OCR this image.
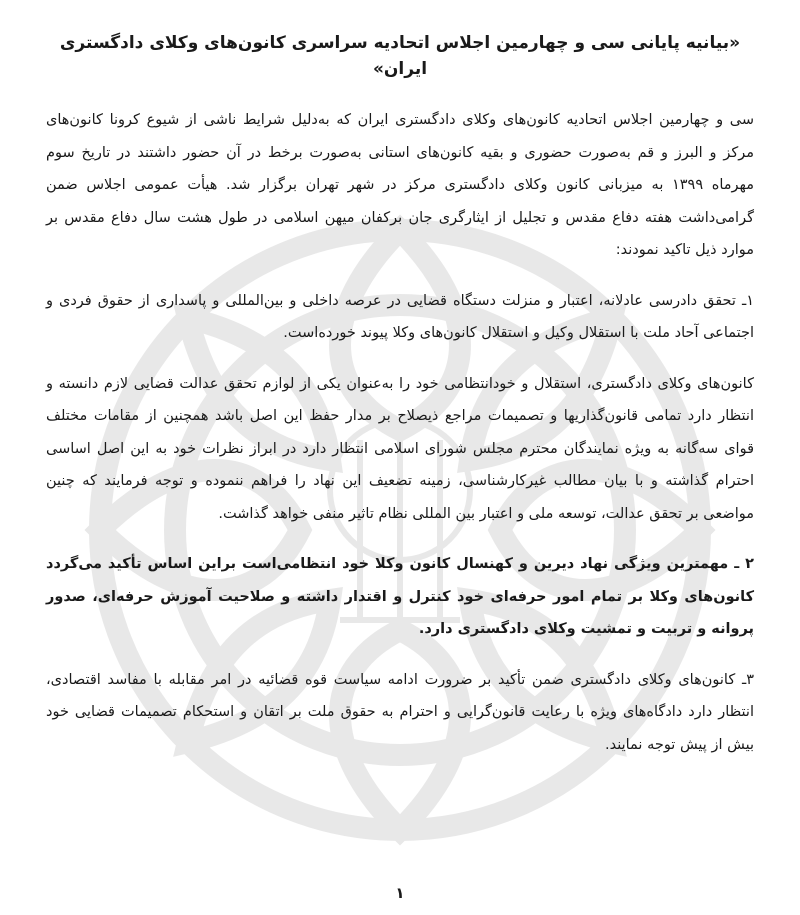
«بیانیه پایانی سی و چهارمین اجلاس اتحادیه سراسری کانون‌های وکلای دادگستری ایران»

سی و چهارمین اجلاس اتحادیه کانون‌های وکلای دادگستری ایران که به‌دلیل شرایط ناشی از شیوع کرونا کانون‌های مرکز و البرز و قم به‌صورت حضوری و بقیه کانون‌های استانی به‌صورت برخط در آن حضور داشتند در تاریخ سوم مهرماه ۱۳۹۹ به میزبانی کانون وکلای دادگستری مرکز در شهر تهران برگزار شد. هیأت عمومی اجلاس ضمن گرامی‌داشت هفته دفاع مقدس و تجلیل از ایثارگری جان برکفان میهن اسلامی در طول هشت سال دفاع مقدس بر موارد ذیل تاکید نمودند:

۱ـ تحقق دادرسی عادلانه، اعتبار و منزلت دستگاه قضایی در عرصه داخلی و بین‌المللی و پاسداری از حقوق فردی و اجتماعی آحاد ملت با استقلال وکیل و استقلال کانون‌های وکلا پیوند خورده‌است.

کانون‌های وکلای دادگستری، استقلال و خودانتظامی خود را به‌عنوان یکی از لوازم تحقق عدالت قضایی لازم دانسته و انتظار دارد تمامی قانون‌گذاریها و تصمیمات مراجع ذیصلاح بر مدار حفظ این اصل باشد همچنین از مقامات مختلف قوای سه‌گانه به ویژه نمایندگان محترم مجلس شورای اسلامی انتظار دارد در ابراز نظرات خود به این اصل اساسی احترام گذاشته و با بیان مطالب غیرکارشناسی، زمینه تضعیف این نهاد را فراهم ننموده و توجه فرمایند که چنین مواضعی بر تحقق عدالت، توسعه ملی و اعتبار بین المللی نظام تاثیر منفی خواهد گذاشت.

۲ ـ مهمترین ویژگی نهاد دیرین و کهنسال کانون وکلا خود انتظامی‌است براین اساس تأکید می‌گردد کانون‌های وکلا بر تمام امور حرفه‌ای خود کنترل و اقتدار داشته و صلاحیت آموزش حرفه‌ای، صدور پروانه و تربیت و تمشیت وکلای دادگستری دارد.

۳ـ کانون‌های وکلای دادگستری ضمن تأکید بر ضرورت ادامه سیاست قوه قضائیه در امر مقابله با مفاسد اقتصادی، انتظار دارد دادگاه‌های ویژه با رعایت قانون‌گرایی و احترام به حقوق ملت بر اتقان و استحکام تصمیمات قضایی خود بیش از پیش توجه نمایند.

۱
